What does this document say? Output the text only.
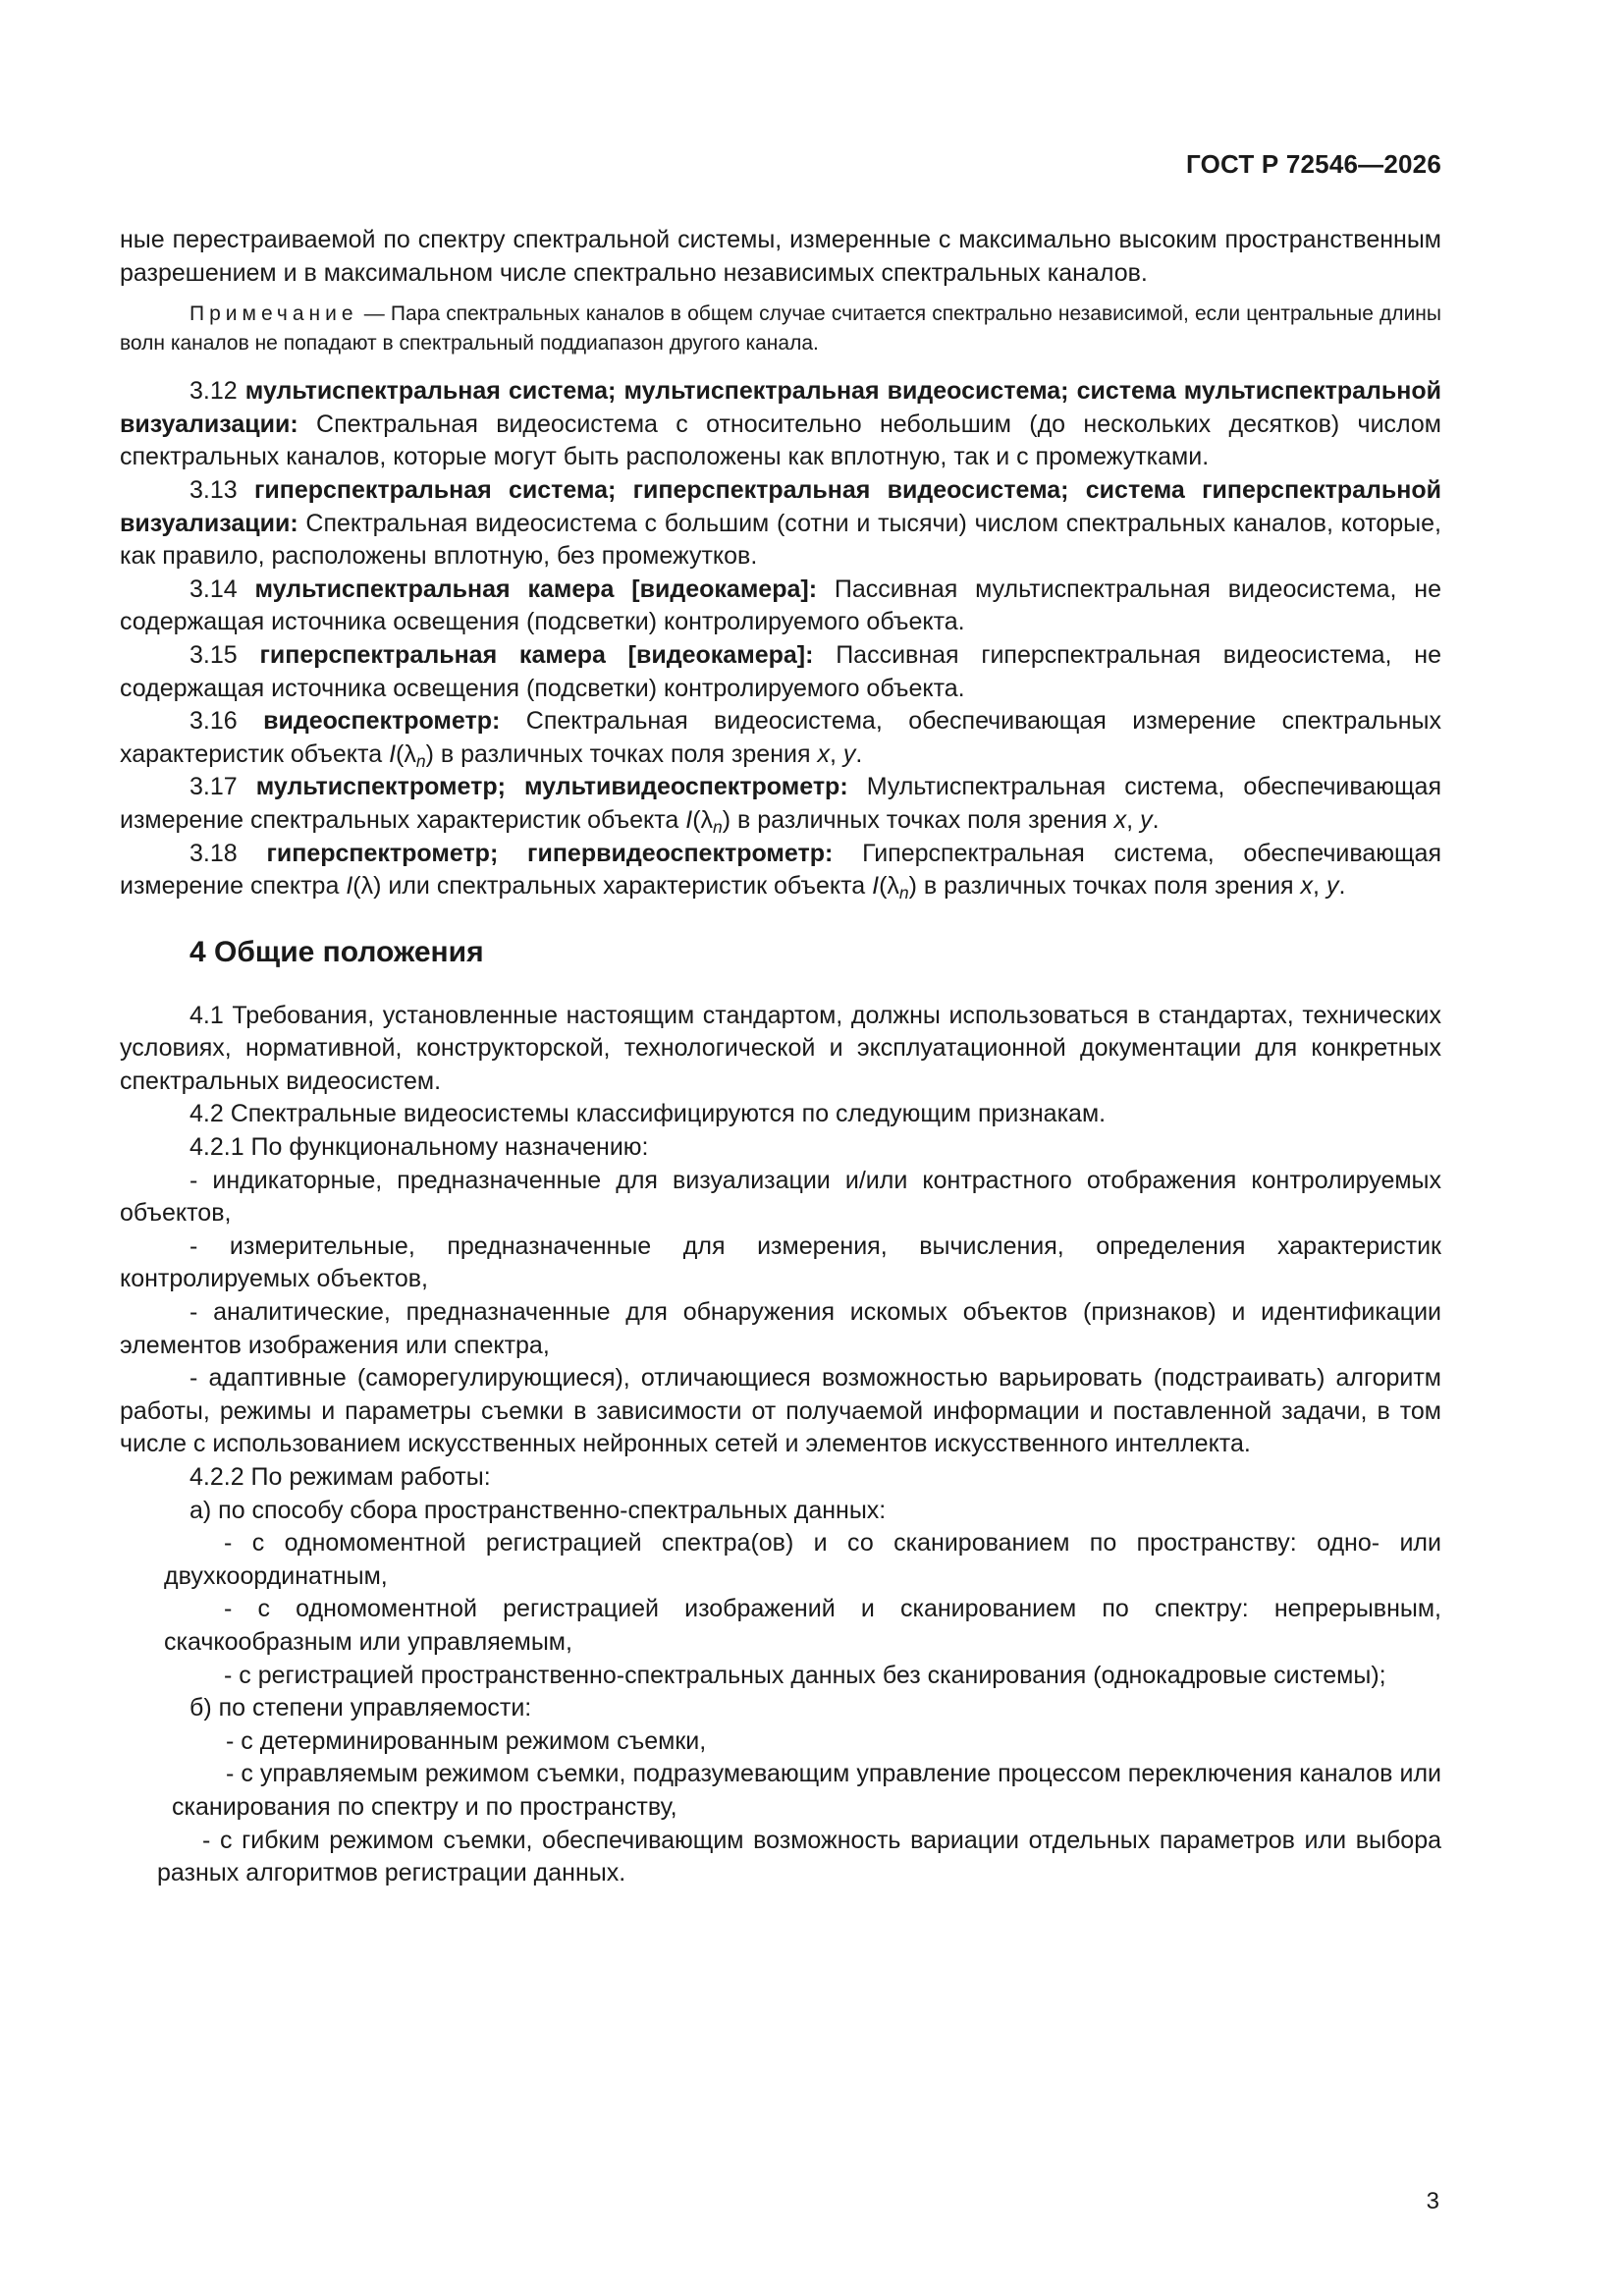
ГОСТ Р 72546—2026

ные перестраиваемой по спектру спектральной системы, измеренные с максимально высоким пространственным разрешением и в максимальном числе спектрально независимых спектральных каналов.

Примечание — Пара спектральных каналов в общем случае считается спектрально независимой, если центральные длины волн каналов не попадают в спектральный поддиапазон другого канала.

3.12 мультиспектральная система; мультиспектральная видеосистема; система мультиспектральной визуализации: Спектральная видеосистема с относительно небольшим (до нескольких десятков) числом спектральных каналов, которые могут быть расположены как вплотную, так и с промежутками.

3.13 гиперспектральная система; гиперспектральная видеосистема; система гиперспектральной визуализации: Спектральная видеосистема с большим (сотни и тысячи) числом спектральных каналов, которые, как правило, расположены вплотную, без промежутков.

3.14 мультиспектральная камера [видеокамера]: Пассивная мультиспектральная видеосистема, не содержащая источника освещения (подсветки) контролируемого объекта.

3.15 гиперспектральная камера [видеокамера]: Пассивная гиперспектральная видеосистема, не содержащая источника освещения (подсветки) контролируемого объекта.

3.16 видеоспектрометр: Спектральная видеосистема, обеспечивающая измерение спектральных характеристик объекта $I(\lambda_n)$ в различных точках поля зрения x, y.

3.17 мультиспектрометр; мультивидеоспектрометр: Мультиспектральная система, обеспечивающая измерение спектральных характеристик объекта $I(\lambda_n)$ в различных точках поля зрения x, y.

3.18 гиперспектрометр; гипервидеоспектрометр: Гиперспектральная система, обеспечивающая измерение спектра I(λ) или спектральных характеристик объекта $I(\lambda_n)$ в различных точках поля зрения x, y.

4 Общие положения

4.1 Требования, установленные настоящим стандартом, должны использоваться в стандартах, технических условиях, нормативной, конструкторской, технологической и эксплуатационной документации для конкретных спектральных видеосистем.

4.2 Спектральные видеосистемы классифицируются по следующим признакам.

4.2.1 По функциональному назначению:

- индикаторные, предназначенные для визуализации и/или контрастного отображения контролируемых объектов,

- измерительные, предназначенные для измерения, вычисления, определения характеристик контролируемых объектов,

- аналитические, предназначенные для обнаружения искомых объектов (признаков) и идентификации элементов изображения или спектра,

- адаптивные (саморегулирующиеся), отличающиеся возможностью варьировать (подстраивать) алгоритм работы, режимы и параметры съемки в зависимости от получаемой информации и поставленной задачи, в том числе с использованием искусственных нейронных сетей и элементов искусственного интеллекта.

4.2.2 По режимам работы:

а) по способу сбора пространственно-спектральных данных:

- с одномоментной регистрацией спектра(ов) и со сканированием по пространству: одно- или двухкоординатным,

- с одномоментной регистрацией изображений и сканированием по спектру: непрерывным, скачкообразным или управляемым,

- с регистрацией пространственно-спектральных данных без сканирования (однокадровые системы);

б) по степени управляемости:

- с детерминированным режимом съемки,

- с управляемым режимом съемки, подразумевающим управление процессом переключения каналов или сканирования по спектру и по пространству,

- с гибким режимом съемки, обеспечивающим возможность вариации отдельных параметров или выбора разных алгоритмов регистрации данных.

3
